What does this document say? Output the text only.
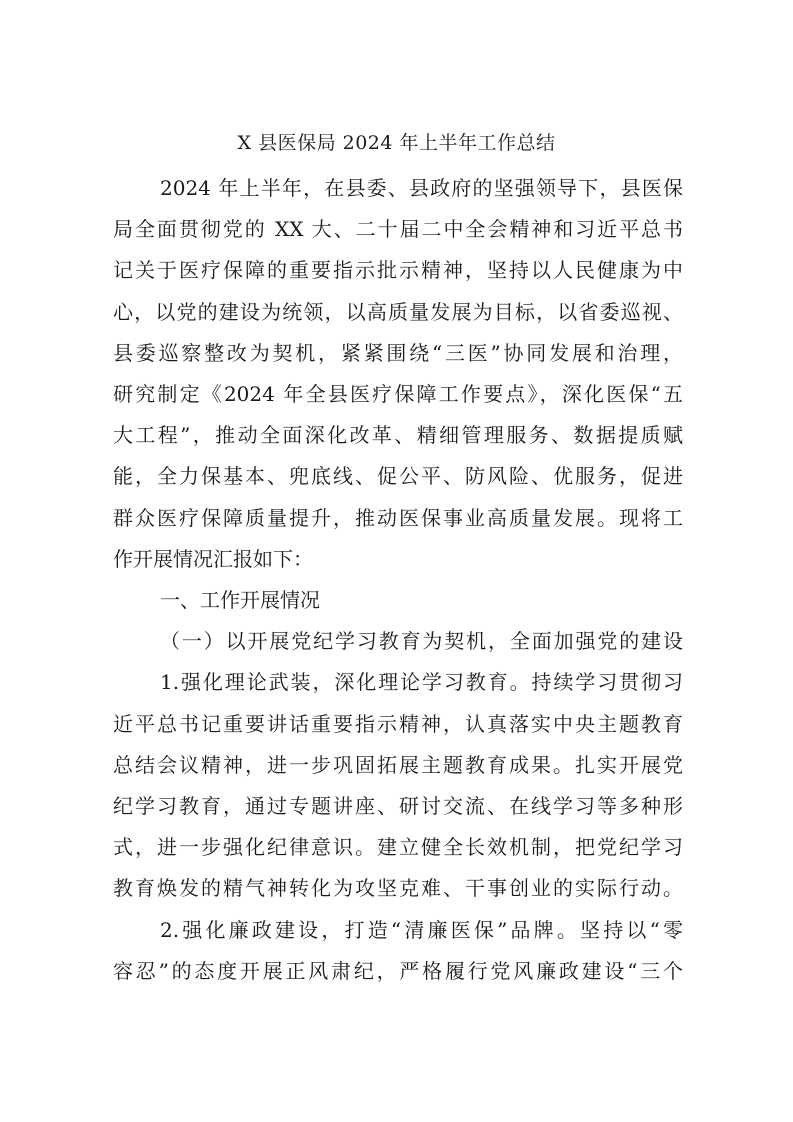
X 县医保局 2024 年上半年工作总结
2024 年上半年，在县委、县政府的坚强领导下，县医保
局全面贯彻党的 XX 大、二十届二中全会精神和习近平总书
记关于医疗保障的重要指示批示精神，坚持以人民健康为中
心，以党的建设为统领，以高质量发展为目标，以省委巡视、
县委巡察整改为契机，紧紧围绕“三医”协同发展和治理，
研究制定《2024 年全县医疗保障工作要点》，深化医保“五
大工程”，推动全面深化改革、精细管理服务、数据提质赋
能，全力保基本、兜底线、促公平、防风险、优服务，促进
群众医疗保障质量提升，推动医保事业高质量发展。现将工
作开展情况汇报如下：
一、工作开展情况
（一）以开展党纪学习教育为契机，全面加强党的建设
1.强化理论武装，深化理论学习教育。持续学习贯彻习
近平总书记重要讲话重要指示精神，认真落实中央主题教育
总结会议精神，进一步巩固拓展主题教育成果。扎实开展党
纪学习教育，通过专题讲座、研讨交流、在线学习等多种形
式，进一步强化纪律意识。建立健全长效机制，把党纪学习
教育焕发的精气神转化为攻坚克难、干事创业的实际行动。
2.强化廉政建设，打造“清廉医保”品牌。坚持以“零
容忍”的态度开展正风肃纪，严格履行党风廉政建设“三个
